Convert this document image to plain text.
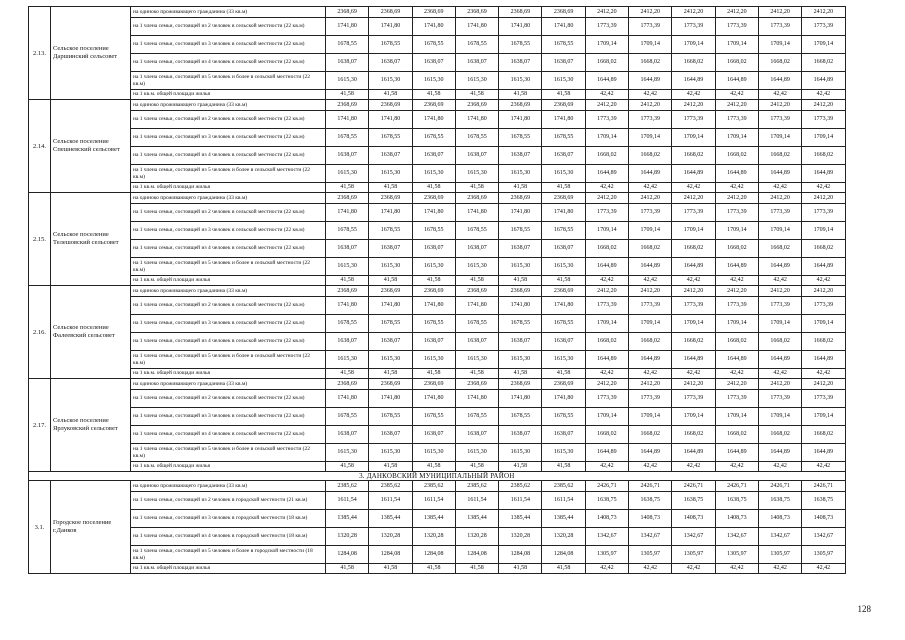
2.13.	Сельское поселение Даршинский сельсовет	на одиноко проживающего гражданина (33 кв.м)	2368,69	2368,69	2368,69	2368,69	2368,69	2368,69	2412,20	2412,20	2412,20	2412,20	2412,20	2412,20
		на 1 члена семьи, состоящей из 2 человек в сельской местности (22 кв.м)	1741,80	1741,80	1741,80	1741,80	1741,80	1741,80	1773,39	1773,39	1773,39	1773,39	1773,39	1773,39
		на 1 члена семьи, состоящей из 3 человек в сельской местности (22 кв.м)	1678,55	1678,55	1678,55	1678,55	1678,55	1678,55	1709,14	1709,14	1709,14	1709,14	1709,14	1709,14
		на 1 члена семьи, состоящей из 4 человек в сельской местности (22 кв.м)	1638,07	1638,07	1638,07	1638,07	1638,07	1638,07	1668,02	1668,02	1668,02	1668,02	1668,02	1668,02
		на 1 члена семьи, состоящей из 5 человек и более в сельской местности (22 кв.м)	1615,30	1615,30	1615,30	1615,30	1615,30	1615,30	1644,89	1644,89	1644,89	1644,89	1644,89	1644,89
		на 1 кв.м. общей площади жилья	41,58	41,58	41,58	41,58	41,58	41,58	42,42	42,42	42,42	42,42	42,42	42,42
2.14.	Сельское поселение Спешневский сельсовет	на одиноко проживающего гражданина (33 кв.м)	2368,69	2368,69	2368,69	2368,69	2368,69	2368,69	2412,20	2412,20	2412,20	2412,20	2412,20	2412,20
		на 1 члена семьи, состоящей из 2 человек в сельской местности (22 кв.м)	1741,80	1741,80	1741,80	1741,80	1741,80	1741,80	1773,39	1773,39	1773,39	1773,39	1773,39	1773,39
		на 1 члена семьи, состоящей из 3 человек в сельской местности (22 кв.м)	1678,55	1678,55	1678,55	1678,55	1678,55	1678,55	1709,14	1709,14	1709,14	1709,14	1709,14	1709,14
		на 1 члена семьи, состоящей из 4 человек в сельской местности (22 кв.м)	1638,07	1638,07	1638,07	1638,07	1638,07	1638,07	1668,02	1668,02	1668,02	1668,02	1668,02	1668,02
		на 1 члена семьи, состоящей из 5 человек и более в сельской местности (22 кв.м)	1615,30	1615,30	1615,30	1615,30	1615,30	1615,30	1644,89	1644,89	1644,89	1644,89	1644,89	1644,89
		на 1 кв.м. общей площади жилья	41,58	41,58	41,58	41,58	41,58	41,58	42,42	42,42	42,42	42,42	42,42	42,42
2.15.	Сельское поселение Телешовский сельсовет	на одиноко проживающего гражданина (33 кв.м)	2368,69	2368,69	2368,69	2368,69	2368,69	2368,69	2412,20	2412,20	2412,20	2412,20	2412,20	2412,20
		на 1 члена семьи, состоящей из 2 человек в сельской местности (22 кв.м)	1741,80	1741,80	1741,80	1741,80	1741,80	1741,80	1773,39	1773,39	1773,39	1773,39	1773,39	1773,39
		на 1 члена семьи, состоящей из 3 человек в сельской местности (22 кв.м)	1678,55	1678,55	1678,55	1678,55	1678,55	1678,55	1709,14	1709,14	1709,14	1709,14	1709,14	1709,14
		на 1 члена семьи, состоящей из 4 человек в сельской местности (22 кв.м)	1638,07	1638,07	1638,07	1638,07	1638,07	1638,07	1668,02	1668,02	1668,02	1668,02	1668,02	1668,02
		на 1 члена семьи, состоящей из 5 человек и более в сельской местности (22 кв.м)	1615,30	1615,30	1615,30	1615,30	1615,30	1615,30	1644,89	1644,89	1644,89	1644,89	1644,89	1644,89
		на 1 кв.м. общей площади жилья	41,58	41,58	41,58	41,58	41,58	41,58	42,42	42,42	42,42	42,42	42,42	42,42
2.16.	Сельское поселение Фалеевский сельсовет	на одиноко проживающего гражданина (33 кв.м)	2368,69	2368,69	2368,69	2368,69	2368,69	2368,69	2412,20	2412,20	2412,20	2412,20	2412,20	2412,20
		на 1 члена семьи, состоящей из 2 человек в сельской местности (22 кв.м)	1741,80	1741,80	1741,80	1741,80	1741,80	1741,80	1773,39	1773,39	1773,39	1773,39	1773,39	1773,39
		на 1 члена семьи, состоящей из 3 человек в сельской местности (22 кв.м)	1678,55	1678,55	1678,55	1678,55	1678,55	1678,55	1709,14	1709,14	1709,14	1709,14	1709,14	1709,14
		на 1 члена семьи, состоящей из 4 человек в сельской местности (22 кв.м)	1638,07	1638,07	1638,07	1638,07	1638,07	1638,07	1668,02	1668,02	1668,02	1668,02	1668,02	1668,02
		на 1 члена семьи, состоящей из 5 человек и более в сельской местности (22 кв.м)	1615,30	1615,30	1615,30	1615,30	1615,30	1615,30	1644,89	1644,89	1644,89	1644,89	1644,89	1644,89
		на 1 кв.м. общей площади жилья	41,58	41,58	41,58	41,58	41,58	41,58	42,42	42,42	42,42	42,42	42,42	42,42
2.17.	Сельское поселение Ярлуковский сельсовет	на одиноко проживающего гражданина (33 кв.м)	2368,69	2368,69	2368,69	2368,69	2368,69	2368,69	2412,20	2412,20	2412,20	2412,20	2412,20	2412,20
		на 1 члена семьи, состоящей из 2 человек в сельской местности (22 кв.м)	1741,80	1741,80	1741,80	1741,80	1741,80	1741,80	1773,39	1773,39	1773,39	1773,39	1773,39	1773,39
		на 1 члена семьи, состоящей из 3 человек в сельской местности (22 кв.м)	1678,55	1678,55	1678,55	1678,55	1678,55	1678,55	1709,14	1709,14	1709,14	1709,14	1709,14	1709,14
		на 1 члена семьи, состоящей из 4 человек в сельской местности (22 кв.м)	1638,07	1638,07	1638,07	1638,07	1638,07	1638,07	1668,02	1668,02	1668,02	1668,02	1668,02	1668,02
		на 1 члена семьи, состоящей из 5 человек и более в сельской местности (22 кв.м)	1615,30	1615,30	1615,30	1615,30	1615,30	1615,30	1644,89	1644,89	1644,89	1644,89	1644,89	1644,89
		на 1 кв.м. общей площади жилья	41,58	41,58	41,58	41,58	41,58	41,58	42,42	42,42	42,42	42,42	42,42	42,42
3. ДАНКОВСКИЙ МУНИЦИПАЛЬНЫЙ РАЙОН														
3.1.	Городское поселение г.Данков	на одиноко проживающего гражданина (33 кв.м)	2385,62	2385,62	2385,62	2385,62	2385,62	2385,62	2426,71	2426,71	2426,71	2426,71	2426,71	2426,71
		на 1 члена семьи, состоящей из 2 человек в городской местности (21 кв.м)	1611,54	1611,54	1611,54	1611,54	1611,54	1611,54	1638,75	1638,75	1638,75	1638,75	1638,75	1638,75
		на 1 члена семьи, состоящей из 3 человек в городской местности (18 кв.м)	1385,44	1385,44	1385,44	1385,44	1385,44	1385,44	1408,73	1408,73	1408,73	1408,73	1408,73	1408,73
		на 1 члена семьи, состоящей из 4 человек в городской местности (18 кв.м)	1320,28	1320,28	1320,28	1320,28	1320,28	1320,28	1342,67	1342,67	1342,67	1342,67	1342,67	1342,67
		на 1 члена семьи, состоящей из 5 человек и более в городской местности (18 кв.м)	1284,08	1284,08	1284,08	1284,08	1284,08	1284,08	1305,97	1305,97	1305,97	1305,97	1305,97	1305,97
		на 1 кв.м. общей площади жилья	41,58	41,58	41,58	41,58	41,58	41,58	42,42	42,42	42,42	42,42	42,42	42,42
128
